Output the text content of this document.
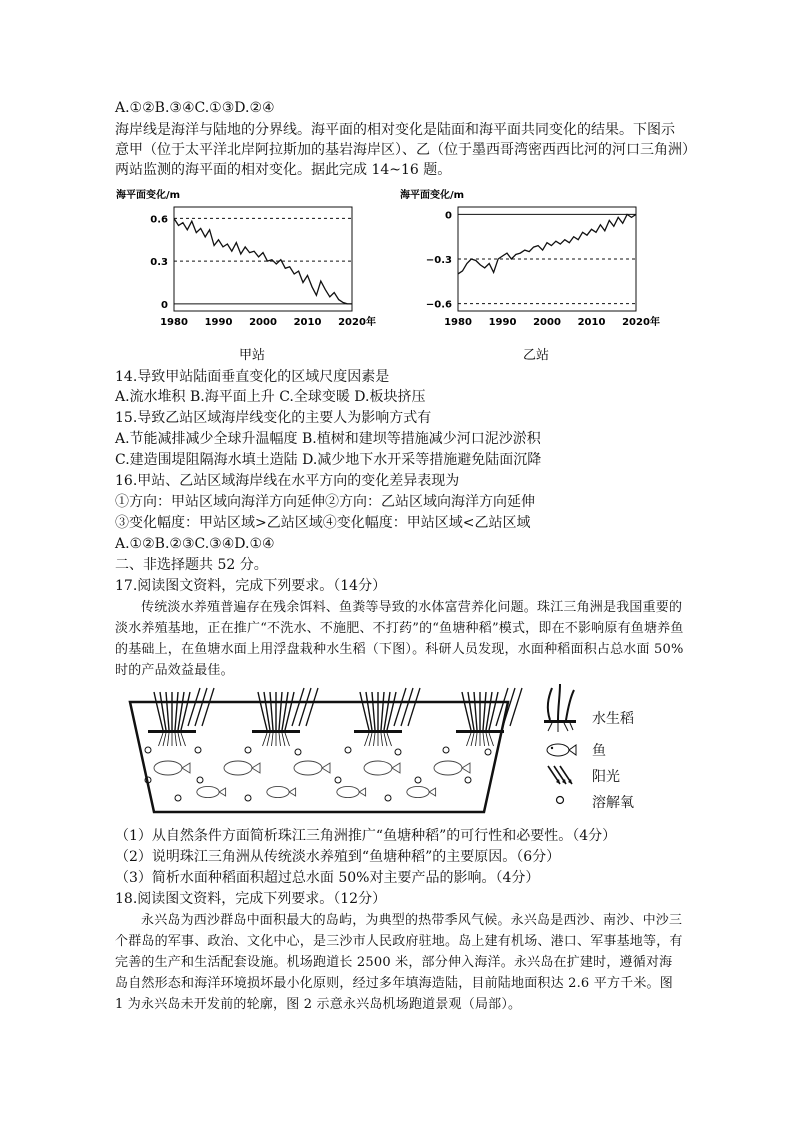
A.①②B.③④C.①③D.②④
海岸线是海洋与陆地的分界线。海平面的相对变化是陆面和海平面共同变化的结果。下图示
意甲（位于太平洋北岸阿拉斯加的基岩海岸区）、乙（位于墨西哥湾密西西比河的河口三角洲）
两站监测的海平面的相对变化。据此完成 14~16 题。
海平面变化/m
甲站
0.6
0.3
0
1980 1990 2000 2010 2020 年
海平面变化/m
乙站
0
−0.3
−0.6
1980 1990 2000 2010 2020 年
14.导致甲站陆面垂直变化的区域尺度因素是
A.流水堆积 B.海平面上升 C.全球变暖 D.板块挤压
15.导致乙站区域海岸线变化的主要人为影响方式有
A.节能减排减少全球升温幅度 B.植树和建坝等措施减少河口泥沙淤积
C.建造围堤阻隔海水填土造陆 D.减少地下水开采等措施避免陆面沉降
16.甲站、乙站区域海岸线在水平方向的变化差异表现为
①方向：甲站区域向海洋方向延伸②方向：乙站区域向海洋方向延伸
③变化幅度：甲站区域>乙站区域④变化幅度：甲站区域<乙站区域
A.①②B.②③C.③④D.①④
二、非选择题共 52 分。
17.阅读图文资料，完成下列要求。（14分）
传统淡水养殖普遍存在残余饵料、鱼粪等导致的水体富营养化问题。珠江三角洲是我国重要的淡水养殖基地，正在推广“不洗水、不施肥、不打药”的“鱼塘种稻”模式，即在不影响原有鱼塘养鱼的基础上，在鱼塘水面上用浮盘栽种水生稻（下图）。科研人员发现，水面种稻面积占总水面 50%时的产品效益最佳。
水生稻
鱼
阳光
溶解氧
（1）从自然条件方面简析珠江三角洲推广“鱼塘种稻”的可行性和必要性。（4分）
（2）说明珠江三角洲从传统淡水养殖到“鱼塘种稻”的主要原因。（6分）
（3）简析水面种稻面积超过总水面 50%对主要产品的影响。（4分）
18.阅读图文资料，完成下列要求。（12分）
永兴岛为西沙群岛中面积最大的岛屿，为典型的热带季风气候。永兴岛是西沙、南沙、中沙三个群岛的军事、政治、文化中心，是三沙市人民政府驻地。岛上建有机场、港口、军事基地等，有完善的生产和生活配套设施。机场跑道长 2500 米，部分伸入海洋。永兴岛在扩建时，遵循对海岛自然形态和海洋环境损坏最小化原则，经过多年填海造陆，目前陆地面积达 2.6 平方千米。图 1 为永兴岛未开发前的轮廓，图 2 示意永兴岛机场跑道景观（局部）。
